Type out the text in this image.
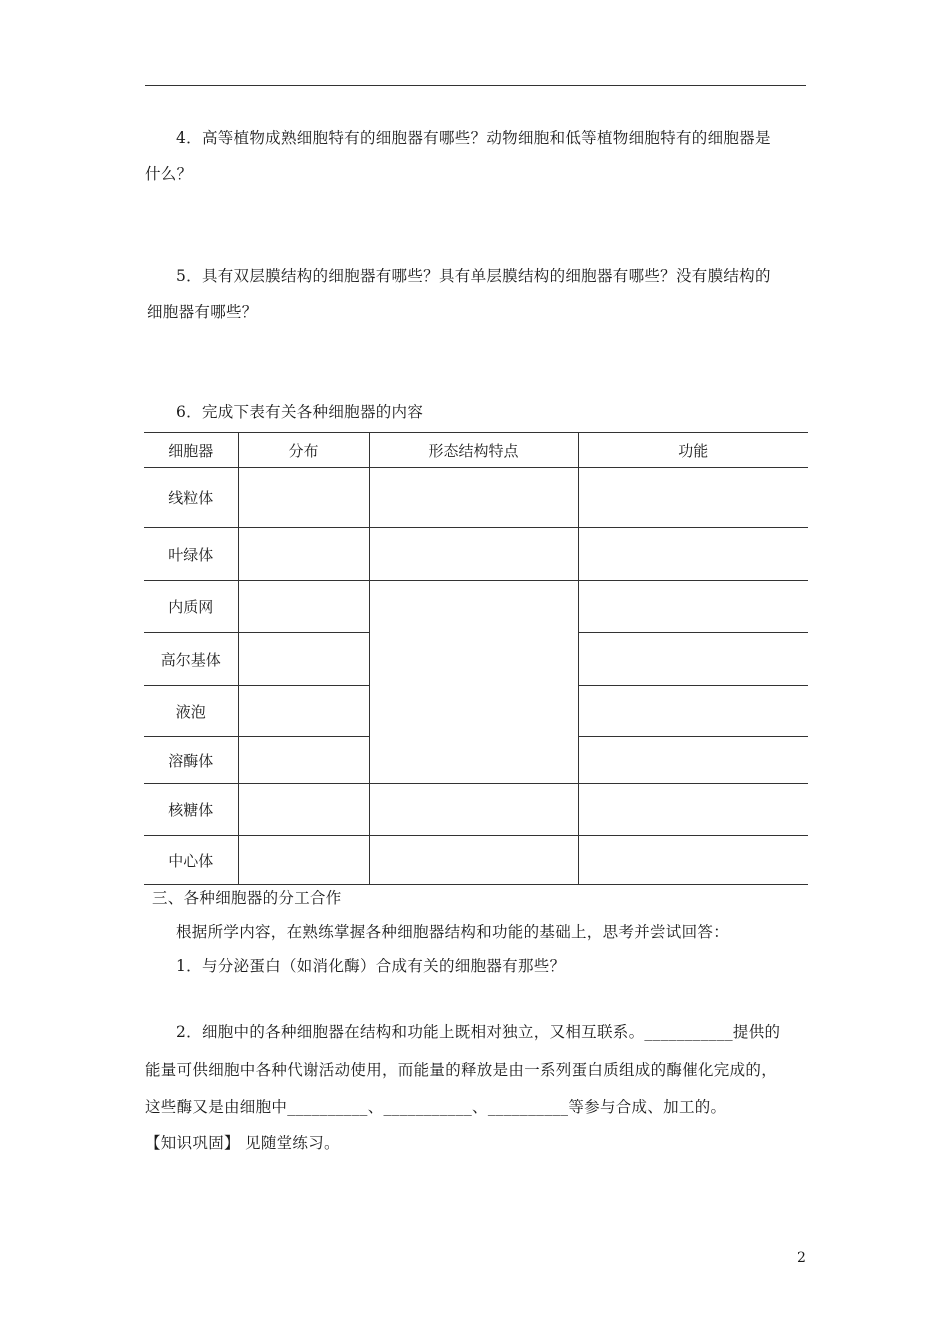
4．高等植物成熟细胞特有的细胞器有哪些？动物细胞和低等植物细胞特有的细胞器是
什么？
5．具有双层膜结构的细胞器有哪些？具有单层膜结构的细胞器有哪些？没有膜结构的
细胞器有哪些？
6．完成下表有关各种细胞器的内容
细胞器	分布	形态结构特点	功能
线粒体			
叶绿体			
内质网			
高尔基体			
液泡			
溶酶体			
核糖体			
中心体			
三、各种细胞器的分工合作
根据所学内容，在熟练掌握各种细胞器结构和功能的基础上，思考并尝试回答：
1．与分泌蛋白（如消化酶）合成有关的细胞器有那些？
2．细胞中的各种细胞器在结构和功能上既相对独立，又相互联系。___________提供的
能量可供细胞中各种代谢活动使用，而能量的释放是由一系列蛋白质组成的酶催化完成的，
这些酶又是由细胞中__________、___________、__________等参与合成、加工的。
【知识巩固】 见随堂练习。
2
